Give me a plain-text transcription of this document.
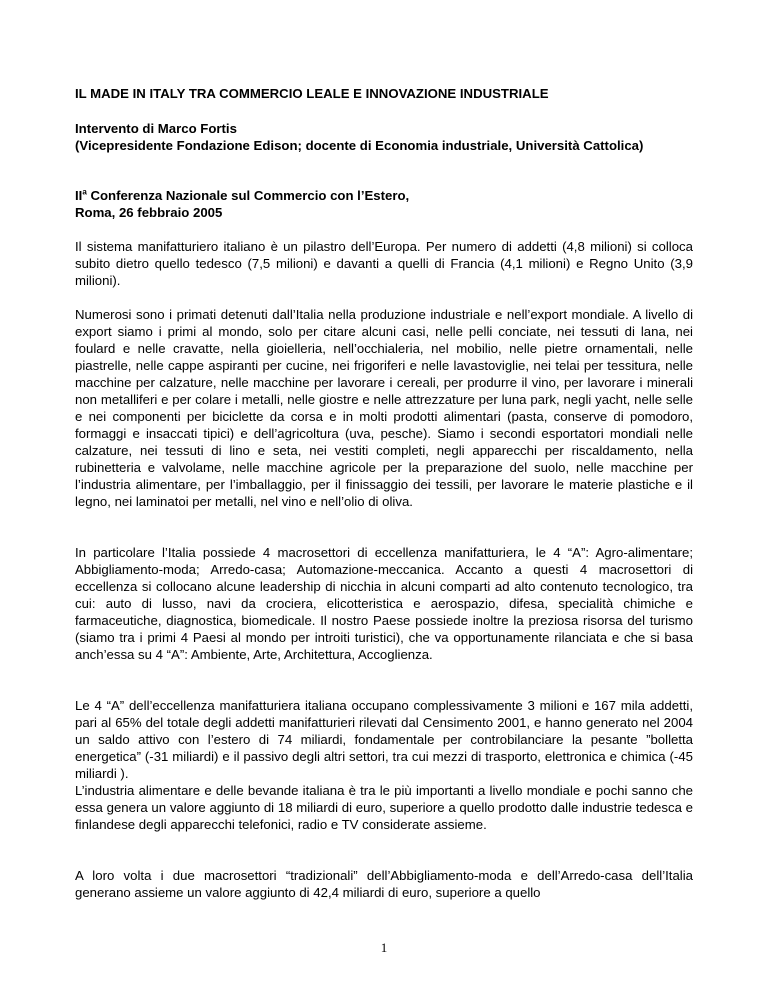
IL MADE IN ITALY TRA COMMERCIO LEALE E INNOVAZIONE INDUSTRIALE

Intervento di Marco Fortis

(Vicepresidente Fondazione Edison; docente di Economia industriale, Università Cattolica)

$II^a$ Conferenza Nazionale sul Commercio con l’Estero,

Roma, 26 febbraio 2005

Il sistema manifatturiero italiano è un pilastro dell’Europa. Per numero di addetti (4,8 milioni) si colloca subito dietro quello tedesco (7,5 milioni) e davanti a quelli di Francia (4,1 milioni) e Regno Unito (3,9 milioni).

Numerosi sono i primati detenuti dall’Italia nella produzione industriale e nell’export mondiale. A livello di export siamo i primi al mondo, solo per citare alcuni casi, nelle pelli conciate, nei tessuti di lana, nei foulard e nelle cravatte, nella gioielleria, nell’occhialeria, nel mobilio, nelle pietre ornamentali, nelle piastrelle, nelle cappe aspiranti per cucine, nei frigoriferi e nelle lavastoviglie, nei telai per tessitura, nelle macchine per calzature, nelle macchine per lavorare i cereali, per produrre il vino, per lavorare i minerali non metalliferi e per colare i metalli, nelle giostre e nelle attrezzature per luna park, negli yacht, nelle selle e nei componenti per biciclette da corsa e in molti prodotti alimentari (pasta, conserve di pomodoro, formaggi e insaccati tipici) e dell’agricoltura (uva, pesche). Siamo i secondi esportatori mondiali nelle calzature, nei tessuti di lino e seta, nei vestiti completi, negli apparecchi per riscaldamento, nella rubinetteria e valvolame, nelle macchine agricole per la preparazione del suolo, nelle macchine per l’industria alimentare, per l’imballaggio, per il finissaggio dei tessili, per lavorare le materie plastiche e il legno, nei laminatoi per metalli, nel vino e nell’olio di oliva.

In particolare l’Italia possiede 4 macrosettori di eccellenza manifatturiera, le 4 “A”: Agro-alimentare; Abbigliamento-moda; Arredo-casa; Automazione-meccanica. Accanto a questi 4 macrosettori di eccellenza si collocano alcune leadership di nicchia in alcuni comparti ad alto contenuto tecnologico, tra cui: auto di lusso, navi da crociera, elicotteristica e aerospazio, difesa, specialità chimiche e farmaceutiche, diagnostica, biomedicale. Il nostro Paese possiede inoltre la preziosa risorsa del turismo (siamo tra i primi 4 Paesi al mondo per introiti turistici), che va opportunamente rilanciata e che si basa anch’essa su 4 “A”: Ambiente, Arte, Architettura, Accoglienza.

Le 4 “A” dell’eccellenza manifatturiera italiana occupano complessivamente 3 milioni e 167 mila addetti, pari al 65% del totale degli addetti manifatturieri rilevati dal Censimento 2001, e hanno generato nel 2004 un saldo attivo con l’estero di 74 miliardi, fondamentale per controbilanciare la pesante ”bolletta energetica” (-31 miliardi) e il passivo degli altri settori, tra cui mezzi di trasporto, elettronica e chimica (-45 miliardi ).

L’industria alimentare e delle bevande italiana è tra le più importanti a livello mondiale e pochi sanno che essa genera un valore aggiunto di 18 miliardi di euro, superiore a quello prodotto dalle industrie tedesca e finlandese degli apparecchi telefonici, radio e TV considerate assieme.

A loro volta i due macrosettori “tradizionali” dell’Abbigliamento-moda e dell’Arredo-casa dell’Italia generano assieme un valore aggiunto di 42,4 miliardi di euro, superiore a quello

1
